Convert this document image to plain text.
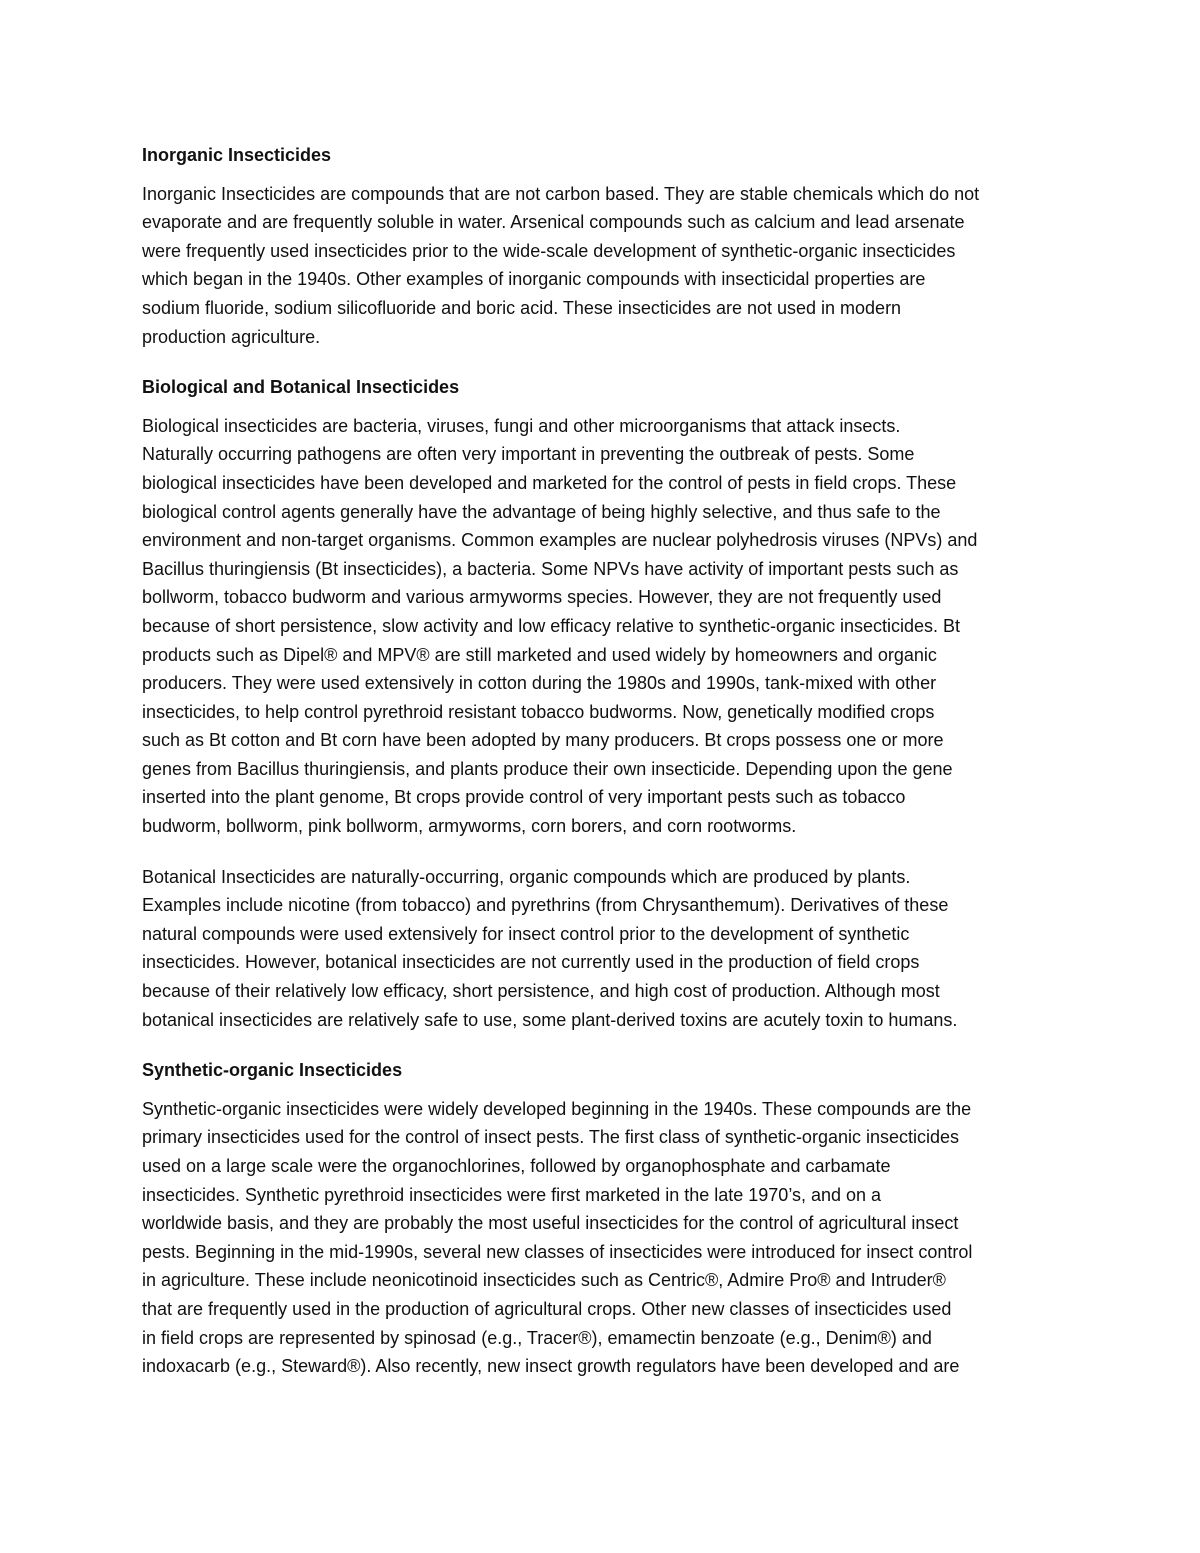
Inorganic Insecticides
Inorganic Insecticides are compounds that are not carbon based. They are stable chemicals which do not
evaporate and are frequently soluble in water. Arsenical compounds such as calcium and lead arsenate
were frequently used insecticides prior to the wide-scale development of synthetic-organic insecticides
which began in the 1940s. Other examples of inorganic compounds with insecticidal properties are
sodium fluoride, sodium silicofluoride and boric acid. These insecticides are not used in modern
production agriculture.
Biological and Botanical Insecticides
Biological insecticides are bacteria, viruses, fungi and other microorganisms that attack insects.
Naturally occurring pathogens are often very important in preventing the outbreak of pests. Some
biological insecticides have been developed and marketed for the control of pests in field crops. These
biological control agents generally have the advantage of being highly selective, and thus safe to the
environment and non-target organisms. Common examples are nuclear polyhedrosis viruses (NPVs) and
Bacillus thuringiensis (Bt insecticides), a bacteria. Some NPVs have activity of important pests such as
bollworm, tobacco budworm and various armyworms species. However, they are not frequently used
because of short persistence, slow activity and low efficacy relative to synthetic-organic insecticides. Bt
products such as Dipel® and MPV® are still marketed and used widely by homeowners and organic
producers. They were used extensively in cotton during the 1980s and 1990s, tank-mixed with other
insecticides, to help control pyrethroid resistant tobacco budworms. Now, genetically modified crops
such as Bt cotton and Bt corn have been adopted by many producers. Bt crops possess one or more
genes from Bacillus thuringiensis, and plants produce their own insecticide. Depending upon the gene
inserted into the plant genome, Bt crops provide control of very important pests such as tobacco
budworm, bollworm, pink bollworm, armyworms, corn borers, and corn rootworms.
Botanical Insecticides are naturally-occurring, organic compounds which are produced by plants.
Examples include nicotine (from tobacco) and pyrethrins (from Chrysanthemum). Derivatives of these
natural compounds were used extensively for insect control prior to the development of synthetic
insecticides. However, botanical insecticides are not currently used in the production of field crops
because of their relatively low efficacy, short persistence, and high cost of production. Although most
botanical insecticides are relatively safe to use, some plant-derived toxins are acutely toxin to humans.
Synthetic-organic Insecticides
Synthetic-organic insecticides were widely developed beginning in the 1940s. These compounds are the
primary insecticides used for the control of insect pests. The first class of synthetic-organic insecticides
used on a large scale were the organochlorines, followed by organophosphate and carbamate
insecticides. Synthetic pyrethroid insecticides were first marketed in the late 1970’s, and on a
worldwide basis, and they are probably the most useful insecticides for the control of agricultural insect
pests. Beginning in the mid-1990s, several new classes of insecticides were introduced for insect control
in agriculture. These include neonicotinoid insecticides such as Centric®, Admire Pro® and Intruder®
that are frequently used in the production of agricultural crops. Other new classes of insecticides used
in field crops are represented by spinosad (e.g., Tracer®), emamectin benzoate (e.g., Denim®) and
indoxacarb (e.g., Steward®). Also recently, new insect growth regulators have been developed and are
